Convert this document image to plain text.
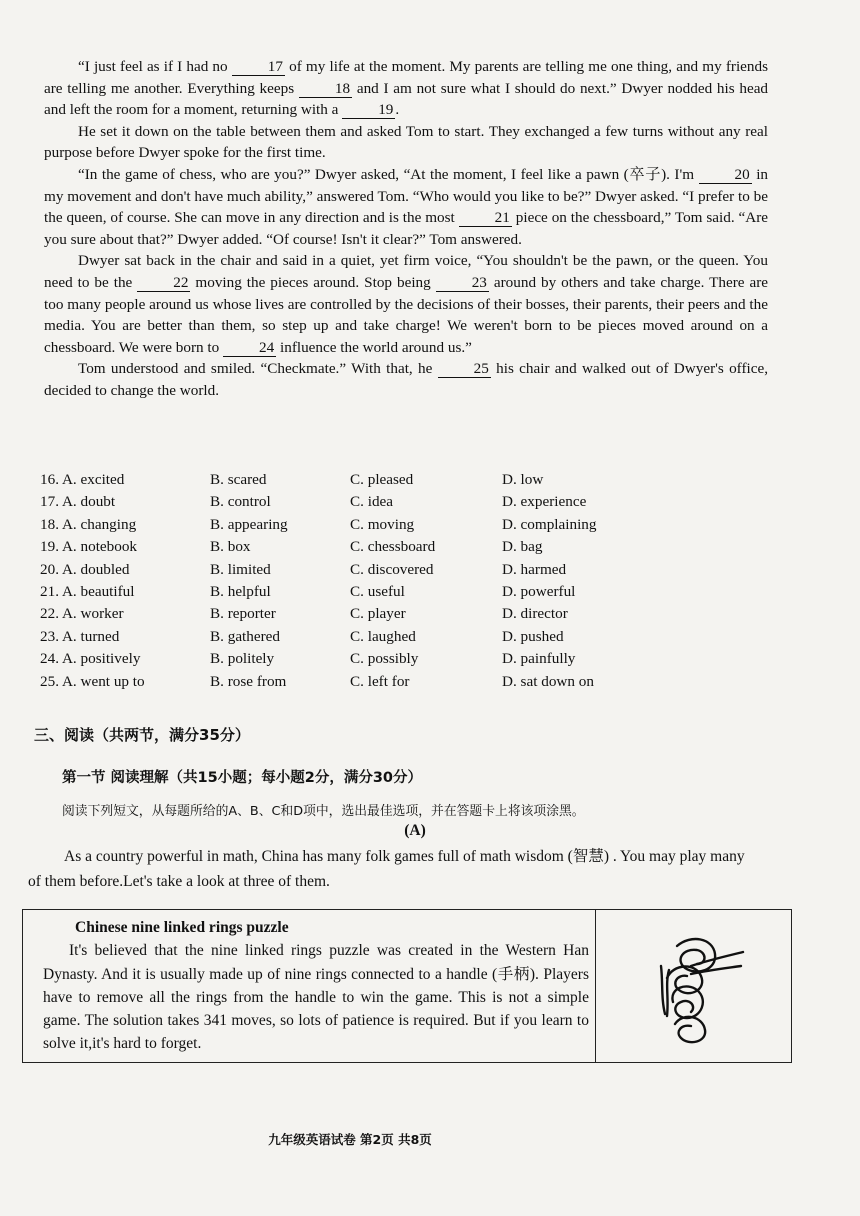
“I just feel as if I had no	17 of my life at the moment. My parents are telling me one thing, and my friends are telling me another. Everything keeps	18 and I am not sure what I should do next.” Dwyer nodded his head and left the room for a moment, returning with a	19 .

He set it down on the table between them and asked Tom to start. They exchanged a few turns without any real purpose before Dwyer spoke for the first time.

“In the game of chess, who are you?” Dwyer asked, “At the moment, I feel like a pawn (卒子). I'm	20 in my movement and don't have much ability,” answered Tom. “Who would you like to be?” Dwyer asked. “I prefer to be the queen, of course. She can move in any direction and is the most	21 piece on the chessboard,” Tom said. “Are you sure about that?” Dwyer added. “Of course! Isn't it clear?” Tom answered.

Dwyer sat back in the chair and said in a quiet, yet firm voice, “You shouldn't be the pawn, or the queen. You need to be the	22 moving the pieces around. Stop being	23 around by others and take charge. There are too many people around us whose lives are controlled by the decisions of their bosses, their parents, their peers and the media. You are better than them, so step up and take charge! We weren't born to be pieces moved around on a chessboard. We were born to	24 influence the world around us.”

Tom understood and smiled. “Checkmate.” With that, he	25 his chair and walked out of Dwyer's office, decided to change the world.

16. A. excited	B. scared	C. pleased	D. low
17. A. doubt	B. control	C. idea	D. experience
18. A. changing	B. appearing	C. moving	D. complaining
19. A. notebook	B. box	C. chessboard	D. bag
20. A. doubled	B. limited	C. discovered	D. harmed
21. A. beautiful	B. helpful	C. useful	D. powerful
22. A. worker	B. reporter	C. player	D. director
23. A. turned	B. gathered	C. laughed	D. pushed
24. A. positively	B. politely	C. possibly	D. painfully
25. A. went up to	B. rose from	C. left for	D. sat down on
三、阅读（共两节，满分35分）
第一节 阅读理解（共15小题；每小题2分，满分30分）
阅读下列短文，从每题所给的A、B、C和D项中，选出最佳选项，并在答题卡上将该项涂黑。
(A)

As a country powerful in math, China has many folk games full of math wisdom (智慧) . You may play many of them before.Let's take a look at three of them.

Chinese nine linked rings puzzle

It's believed that the nine linked rings puzzle was created in the Western Han Dynasty. And it is usually made up of nine rings connected to a handle (手柄). Players have to remove all the rings from the handle to win the game. This is not a simple game. The solution takes 341 moves, so lots of patience is required. But if you learn to solve it,it's hard to forget.

九年级英语试卷 第2页 共8页
